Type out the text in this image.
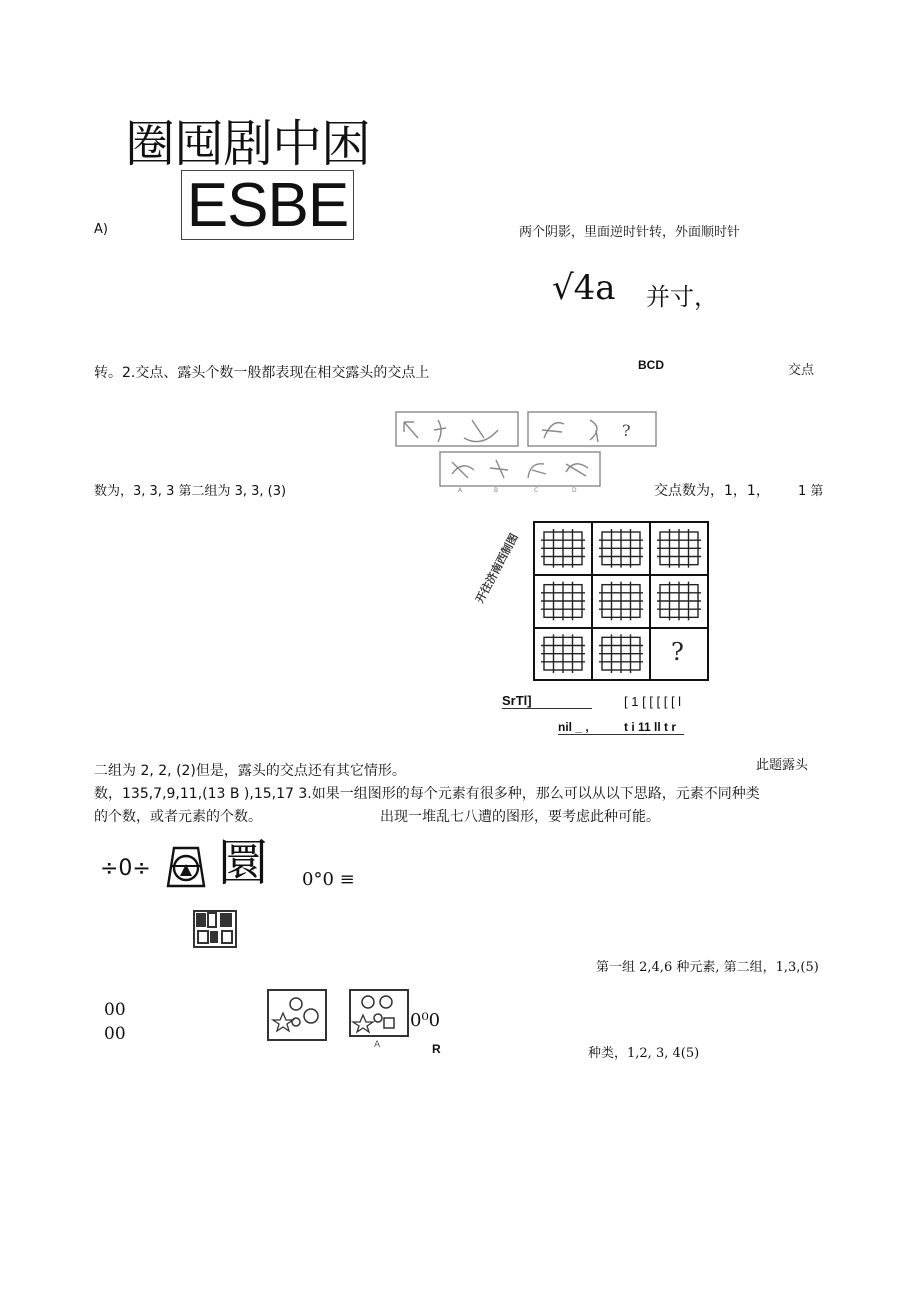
圈囤剧中困
A) ESBE	两个阴影，里面逆时针转，外面顺时针
√4a 并寸，
转。2.交点、露头个数一般都表现在相交露头的交点上	BCD	交点
?
A	B	C	D
数为，3, 3, 3 第二组为 3, 3, (3)	交点数为，1，1， 1 第
开往济南西制图
?
SrTl]	[ 1 [ [ [ [ [ l
nil _ ,	t i 11 ll t r
二组为 2, 2, (2)但是，露头的交点还有其它情形。	此题露头
数，135,7,9,11,(13 B ),15,17 3.如果一组图形的每个元素有很多种，那么可以从以下思路，元素不同种类
的个数，或者元素的个数。	出现一堆乱七八遭的图形，要考虑此种可能。
÷0÷ 圜 0°0 ≡
第一组 2,4,6 种元素, 第二组，1,3,(5)
00
00
A
0⁰0
R	种类，1,2, 3, 4(5)
